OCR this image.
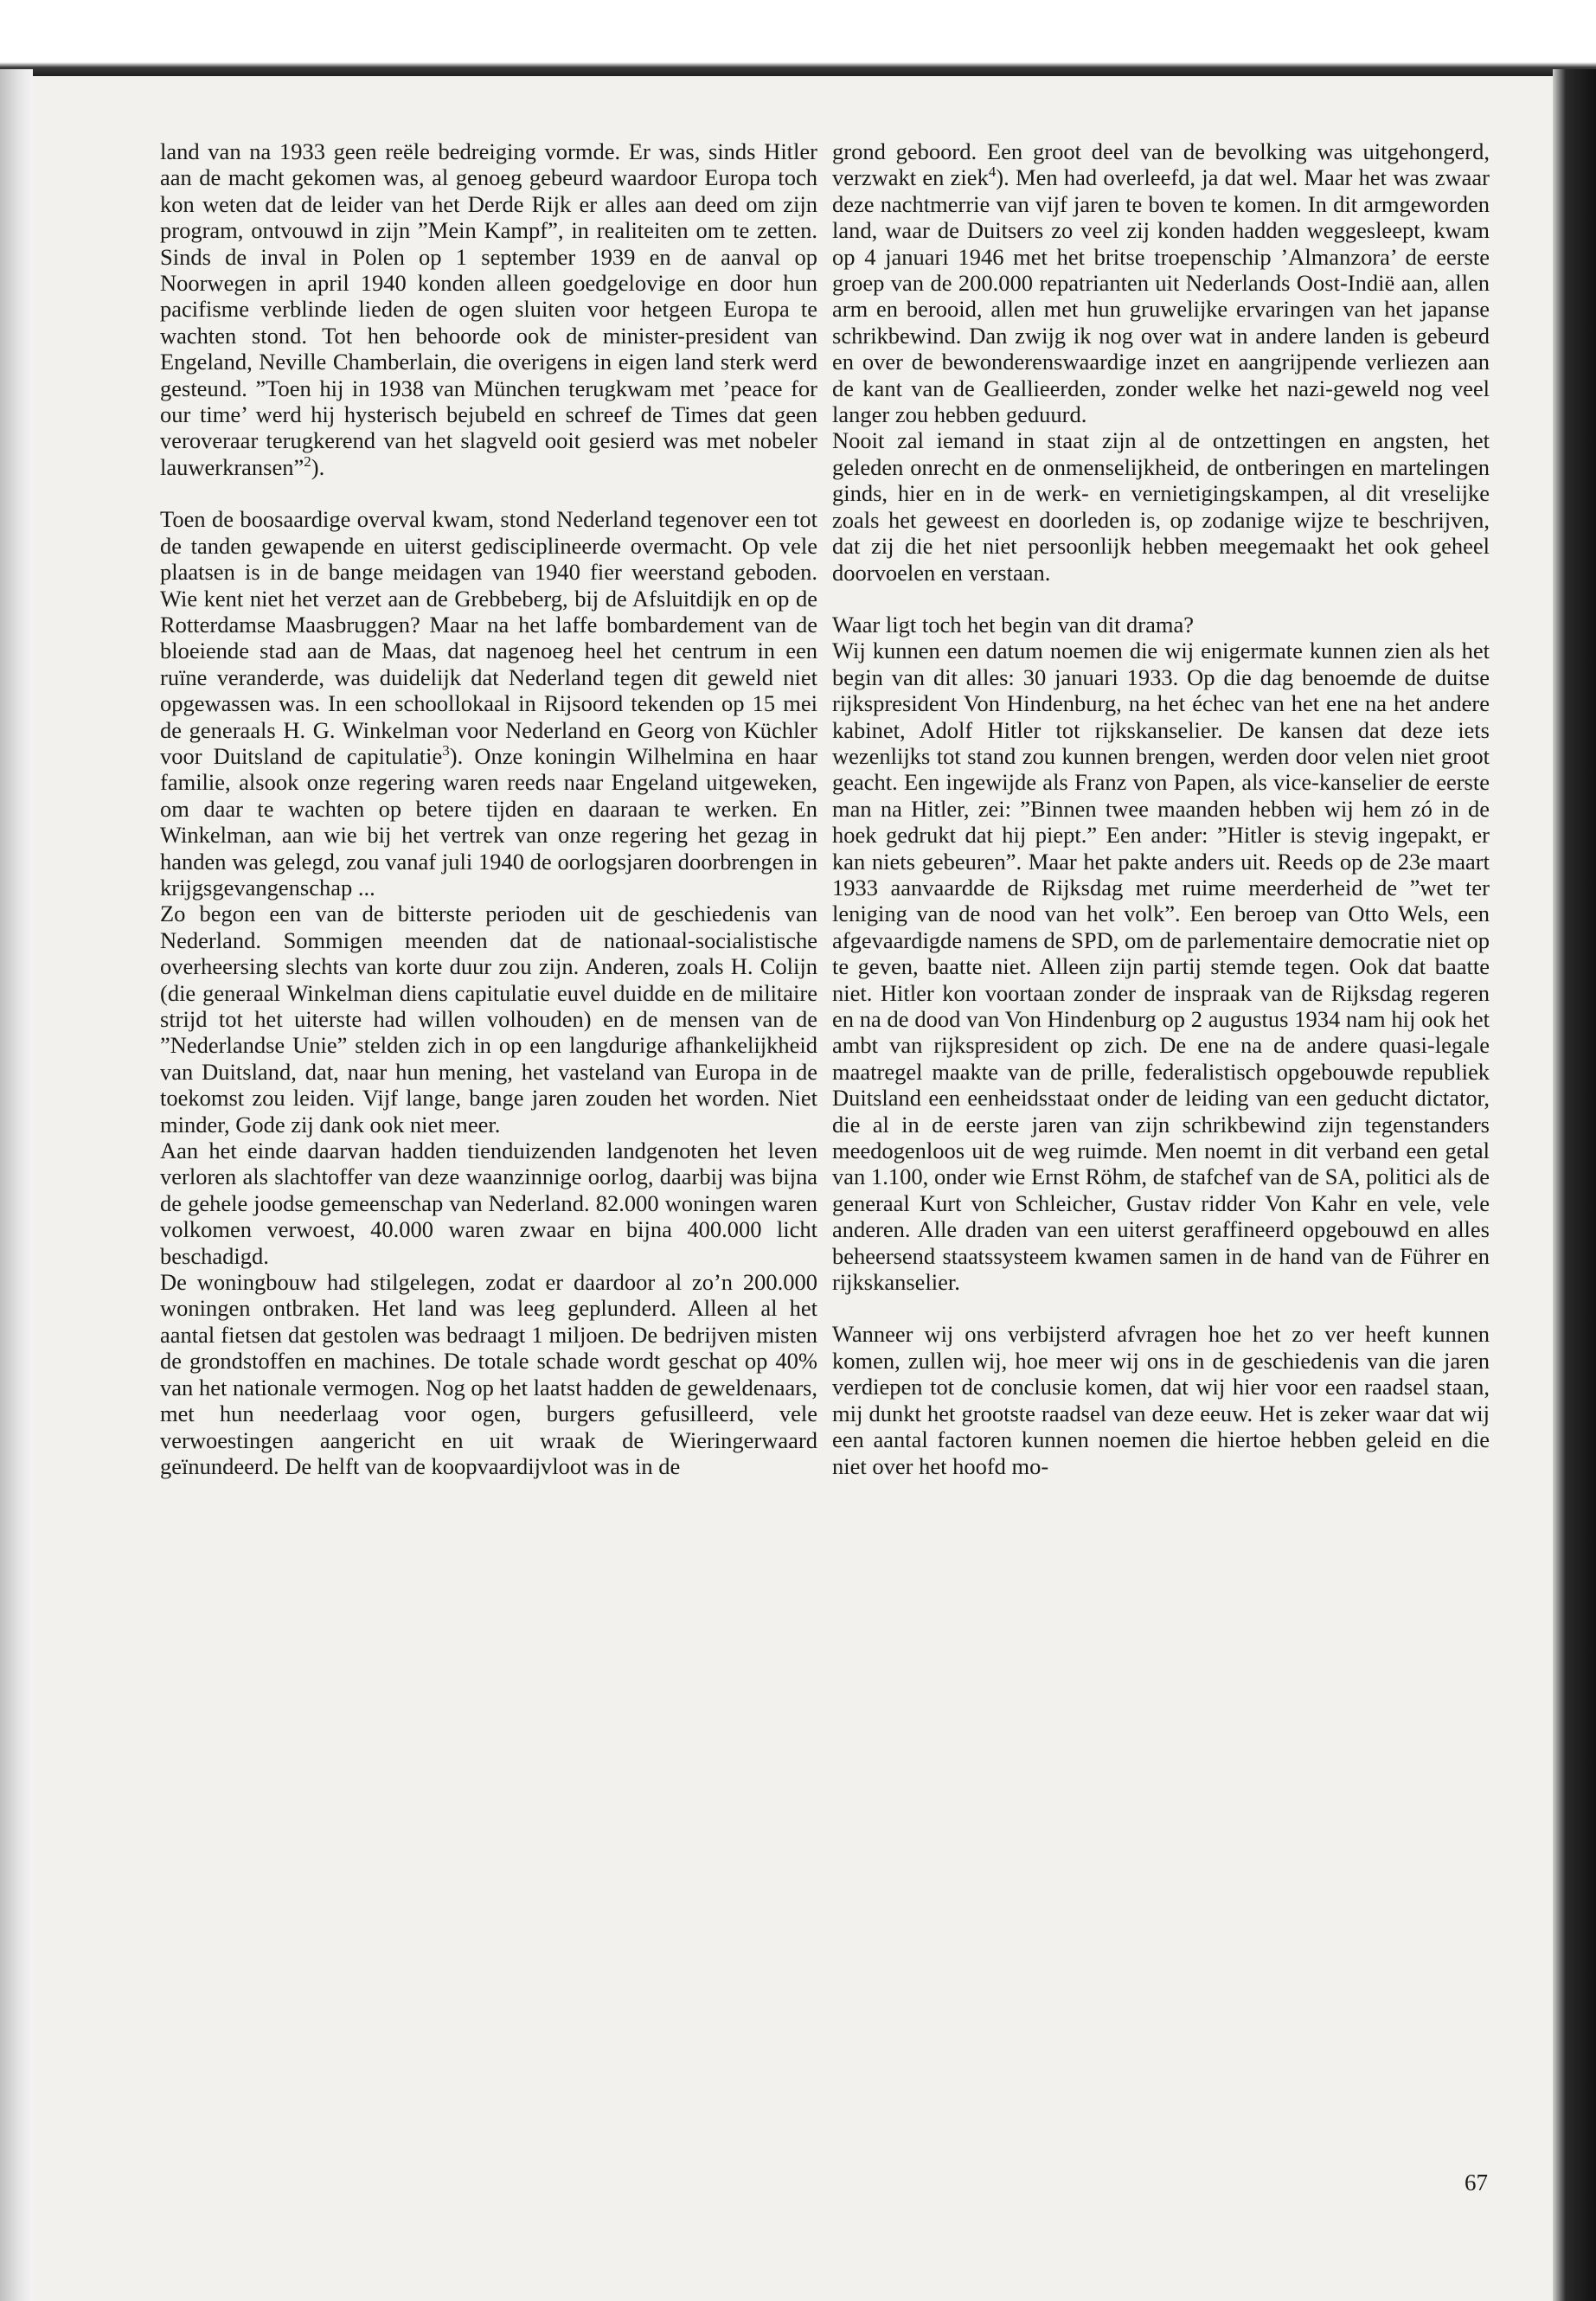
land van na 1933 geen reële bedreiging vormde. Er was, sinds Hitler aan de macht gekomen was, al genoeg gebeurd waardoor Europa toch kon weten dat de leider van het Derde Rijk er alles aan deed om zijn program, ontvouwd in zijn ”Mein Kampf”, in realiteiten om te zetten. Sinds de inval in Polen op 1 september 1939 en de aanval op Noorwegen in april 1940 konden alleen goedgelovige en door hun pacifisme verblinde lieden de ogen sluiten voor hetgeen Europa te wachten stond. Tot hen behoorde ook de minister-president van Engeland, Neville Chamberlain, die overigens in eigen land sterk werd gesteund. ”Toen hij in 1938 van München terugkwam met ’peace for our time’ werd hij hysterisch bejubeld en schreef de Times dat geen veroveraar terugkerend van het slagveld ooit gesierd was met nobeler lauwerkransen”$^2$).

Toen de boosaardige overval kwam, stond Nederland tegenover een tot de tanden gewapende en uiterst gedisciplineerde overmacht. Op vele plaatsen is in de bange meidagen van 1940 fier weerstand geboden. Wie kent niet het verzet aan de Grebbeberg, bij de Afsluitdijk en op de Rotterdamse Maasbruggen? Maar na het laffe bombardement van de bloeiende stad aan de Maas, dat nagenoeg heel het centrum in een ruïne veranderde, was duidelijk dat Nederland tegen dit geweld niet opgewassen was. In een schoollokaal in Rijsoord tekenden op 15 mei de generaals H. G. Winkelman voor Nederland en Georg von Küchler voor Duitsland de capitulatie$^3$). Onze koningin Wilhelmina en haar familie, alsook onze regering waren reeds naar Engeland uitgeweken, om daar te wachten op betere tijden en daaraan te werken. En Winkelman, aan wie bij het vertrek van onze regering het gezag in handen was gelegd, zou vanaf juli 1940 de oorlogsjaren doorbrengen in krijgsgevangenschap ...

Zo begon een van de bitterste perioden uit de geschiedenis van Nederland. Sommigen meenden dat de nationaal-socialistische overheersing slechts van korte duur zou zijn. Anderen, zoals H. Colijn (die generaal Winkelman diens capitulatie euvel duidde en de militaire strijd tot het uiterste had willen volhouden) en de mensen van de ”Nederlandse Unie” stelden zich in op een langdurige afhankelijkheid van Duitsland, dat, naar hun mening, het vasteland van Europa in de toekomst zou leiden. Vijf lange, bange jaren zouden het worden. Niet minder, Gode zij dank ook niet meer.

Aan het einde daarvan hadden tienduizenden landgenoten het leven verloren als slachtoffer van deze waanzinnige oorlog, daarbij was bijna de gehele joodse gemeenschap van Nederland. 82.000 woningen waren volkomen verwoest, 40.000 waren zwaar en bijna 400.000 licht beschadigd.

De woningbouw had stilgelegen, zodat er daardoor al zo’n 200.000 woningen ontbraken. Het land was leeg geplunderd. Alleen al het aantal fietsen dat gestolen was bedraagt 1 miljoen. De bedrijven misten de grondstoffen en machines. De totale schade wordt geschat op 40% van het nationale vermogen. Nog op het laatst hadden de geweldenaars, met hun neederlaag voor ogen, burgers gefusilleerd, vele verwoestingen aangericht en uit wraak de Wieringerwaard geïnundeerd. De helft van de koopvaardijvloot was in de

grond geboord. Een groot deel van de bevolking was uitgehongerd, verzwakt en ziek$^4$). Men had overleefd, ja dat wel. Maar het was zwaar deze nachtmerrie van vijf jaren te boven te komen. In dit armgeworden land, waar de Duitsers zo veel zij konden hadden weggesleept, kwam op 4 januari 1946 met het britse troepenschip ’Almanzora’ de eerste groep van de 200.000 repatrianten uit Nederlands Oost-Indië aan, allen arm en berooid, allen met hun gruwelijke ervaringen van het japanse schrikbewind. Dan zwijg ik nog over wat in andere landen is gebeurd en over de bewonderenswaardige inzet en aangrijpende verliezen aan de kant van de Geallieerden, zonder welke het nazi-geweld nog veel langer zou hebben geduurd.

Nooit zal iemand in staat zijn al de ontzettingen en angsten, het geleden onrecht en de onmenselijkheid, de ontberingen en martelingen ginds, hier en in de werk- en vernietigingskampen, al dit vreselijke zoals het geweest en doorleden is, op zodanige wijze te beschrijven, dat zij die het niet persoonlijk hebben meegemaakt het ook geheel doorvoelen en verstaan.

Waar ligt toch het begin van dit drama?

Wij kunnen een datum noemen die wij enigermate kunnen zien als het begin van dit alles: 30 januari 1933. Op die dag benoemde de duitse rijkspresident Von Hindenburg, na het échec van het ene na het andere kabinet, Adolf Hitler tot rijkskanselier. De kansen dat deze iets wezenlijks tot stand zou kunnen brengen, werden door velen niet groot geacht. Een ingewijde als Franz von Papen, als vice-kanselier de eerste man na Hitler, zei: ”Binnen twee maanden hebben wij hem zó in de hoek gedrukt dat hij piept.” Een ander: ”Hitler is stevig ingepakt, er kan niets gebeuren”. Maar het pakte anders uit. Reeds op de 23e maart 1933 aanvaardde de Rijksdag met ruime meerderheid de ”wet ter leniging van de nood van het volk”. Een beroep van Otto Wels, een afgevaardigde namens de SPD, om de parlementaire democratie niet op te geven, baatte niet. Alleen zijn partij stemde tegen. Ook dat baatte niet. Hitler kon voortaan zonder de inspraak van de Rijksdag regeren en na de dood van Von Hindenburg op 2 augustus 1934 nam hij ook het ambt van rijkspresident op zich. De ene na de andere quasi-legale maatregel maakte van de prille, federalistisch opgebouwde republiek Duitsland een eenheidsstaat onder de leiding van een geducht dictator, die al in de eerste jaren van zijn schrikbewind zijn tegenstanders meedogenloos uit de weg ruimde. Men noemt in dit verband een getal van 1.100, onder wie Ernst Röhm, de stafchef van de SA, politici als de generaal Kurt von Schleicher, Gustav ridder Von Kahr en vele, vele anderen. Alle draden van een uiterst geraffineerd opgebouwd en alles beheersend staatssysteem kwamen samen in de hand van de Führer en rijkskanselier.

Wanneer wij ons verbijsterd afvragen hoe het zo ver heeft kunnen komen, zullen wij, hoe meer wij ons in de geschiedenis van die jaren verdiepen tot de conclusie komen, dat wij hier voor een raadsel staan, mij dunkt het grootste raadsel van deze eeuw. Het is zeker waar dat wij een aantal factoren kunnen noemen die hiertoe hebben geleid en die niet over het hoofd mo-

67
